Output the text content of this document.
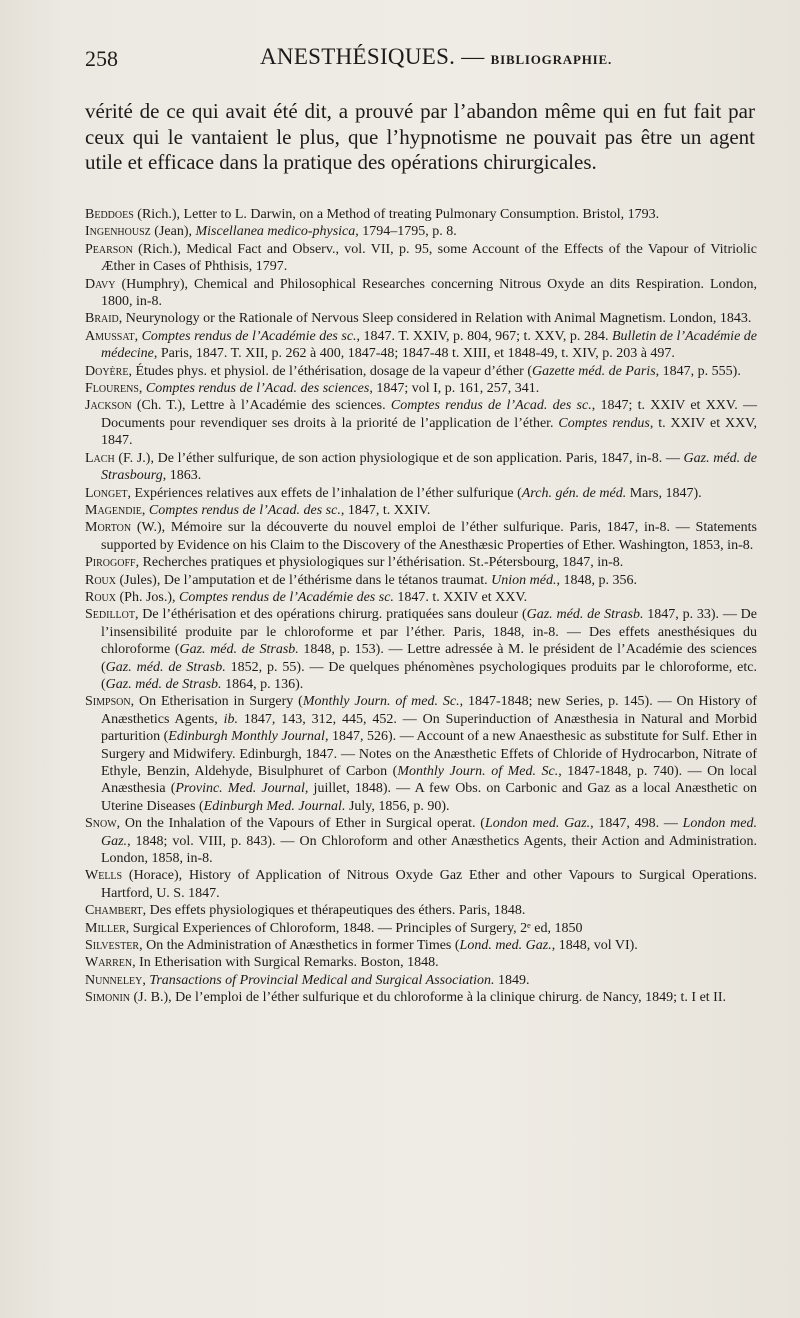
258	ANESTHÉSIQUES. — BIBLIOGRAPHIE.

vérité de ce qui avait été dit, a prouvé par l’abandon même qui en fut fait par ceux qui le vantaient le plus, que l’hypnotisme ne pouvait pas être un agent utile et efficace dans la pratique des opérations chirurgicales.

Beddoes (Rich.), Letter to L. Darwin, on a Method of treating Pulmonary Consumption. Bristol, 1793.

Ingenhousz (Jean), Miscellanea medico-physica, 1794–1795, p. 8.

Pearson (Rich.), Medical Fact and Observ., vol. VII, p. 95, some Account of the Effects of the Vapour of Vitriolic Æther in Cases of Phthisis, 1797.

Davy (Humphry), Chemical and Philosophical Researches concerning Nitrous Oxyde an dits Respiration. London, 1800, in-8.

Braid, Neurynology or the Rationale of Nervous Sleep considered in Relation with Animal Magnetism. London, 1843.

Amussat, Comptes rendus de l’Académie des sc., 1847. T. XXIV, p. 804, 967; t. XXV, p. 284. Bulletin de l’Académie de médecine, Paris, 1847. T. XII, p. 262 à 400, 1847-48; 1847-48 t. XIII, et 1848-49, t. XIV, p. 203 à 497.

Doyère, Études phys. et physiol. de l’éthérisation, dosage de la vapeur d’éther (Gazette méd. de Paris, 1847, p. 555).

Flourens, Comptes rendus de l’Acad. des sciences, 1847; vol I, p. 161, 257, 341.

Jackson (Ch. T.), Lettre à l’Académie des sciences. Comptes rendus de l’Acad. des sc., 1847; t. XXIV et XXV. — Documents pour revendiquer ses droits à la priorité de l’application de l’éther. Comptes rendus, t. XXIV et XXV, 1847.

Lach (F. J.), De l’éther sulfurique, de son action physiologique et de son application. Paris, 1847, in-8. — Gaz. méd. de Strasbourg, 1863.

Longet, Expériences relatives aux effets de l’inhalation de l’éther sulfurique (Arch. gén. de méd. Mars, 1847).

Magendie, Comptes rendus de l’Acad. des sc., 1847, t. XXIV.

Morton (W.), Mémoire sur la découverte du nouvel emploi de l’éther sulfurique. Paris, 1847, in-8. — Statements supported by Evidence on his Claim to the Discovery of the Anesthæsic Properties of Ether. Washington, 1853, in-8.

Pirogoff, Recherches pratiques et physiologiques sur l’éthérisation. St.-Pétersbourg, 1847, in-8.

Roux (Jules), De l’amputation et de l’éthérisme dans le tétanos traumat. Union méd., 1848, p. 356.

Roux (Ph. Jos.), Comptes rendus de l’Académie des sc. 1847. t. XXIV et XXV.

Sedillot, De l’éthérisation et des opérations chirurg. pratiquées sans douleur (Gaz. méd. de Strasb. 1847, p. 33). — De l’insensibilité produite par le chloroforme et par l’éther. Paris, 1848, in-8. — Des effets anesthésiques du chloroforme (Gaz. méd. de Strasb. 1848, p. 153). — Lettre adressée à M. le président de l’Académie des sciences (Gaz. méd. de Strasb. 1852, p. 55). — De quelques phénomènes psychologiques produits par le chloroforme, etc. (Gaz. méd. de Strasb. 1864, p. 136).

Simpson, On Etherisation in Surgery (Monthly Journ. of med. Sc., 1847-1848; new Series, p. 145). — On History of Anæsthetics Agents, ib. 1847, 143, 312, 445, 452. — On Superinduction of Anæsthesia in Natural and Morbid parturition (Edinburgh Monthly Journal, 1847, 526). — Account of a new Anaesthesic as substitute for Sulf. Ether in Surgery and Midwifery. Edinburgh, 1847. — Notes on the Anæsthetic Effets of Chloride of Hydrocarbon, Nitrate of Ethyle, Benzin, Aldehyde, Bisulphuret of Carbon (Monthly Journ. of Med. Sc., 1847-1848, p. 740). — On local Anæsthesia (Provinc. Med. Journal, juillet, 1848). — A few Obs. on Carbonic and Gaz as a local Anæsthetic on Uterine Diseases (Edinburgh Med. Journal. July, 1856, p. 90).

Snow, On the Inhalation of the Vapours of Ether in Surgical operat. (London med. Gaz., 1847, 498. — London med. Gaz., 1848; vol. VIII, p. 843). — On Chloroform and other Anæsthetics Agents, their Action and Administration. London, 1858, in-8.

Wells (Horace), History of Application of Nitrous Oxyde Gaz Ether and other Vapours to Surgical Operations. Hartford, U. S. 1847.

Chambert, Des effets physiologiques et thérapeutiques des éthers. Paris, 1848.

Miller, Surgical Experiences of Chloroform, 1848. — Principles of Surgery, 2ᵉ ed, 1850

Silvester, On the Administration of Anæsthetics in former Times (Lond. med. Gaz., 1848, vol VI).

Warren, In Etherisation with Surgical Remarks. Boston, 1848.

Nunneley, Transactions of Provincial Medical and Surgical Association. 1849.

Simonin (J. B.), De l’emploi de l’éther sulfurique et du chloroforme à la clinique chirurg. de Nancy, 1849; t. I et II.
